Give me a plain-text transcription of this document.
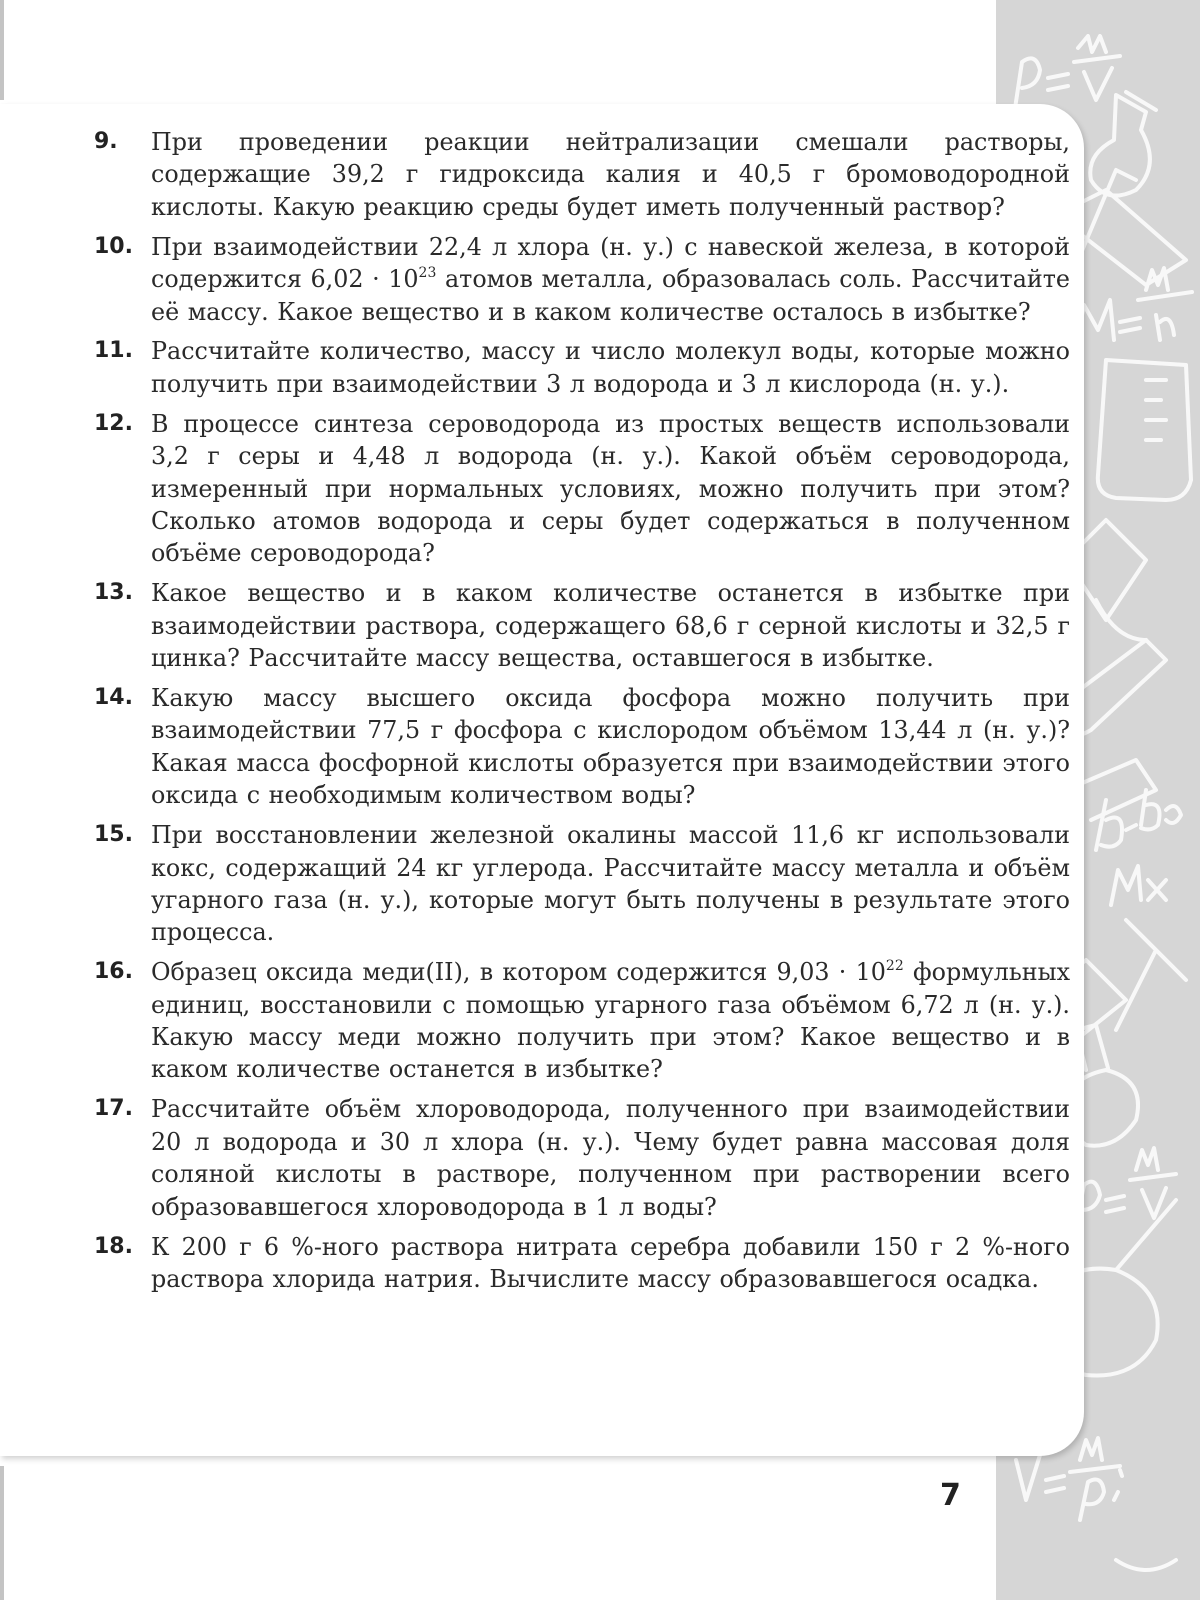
9. При проведении реакции нейтрализации смешали растворы, содержащие 39,2 г гидроксида калия и 40,5 г бромоводородной кислоты. Какую реакцию среды будет иметь полученный раствор?
10. При взаимодействии 22,4 л хлора (н. у.) с навеской железа, в которой содержится $6,02 \cdot 10^{23}$ атомов металла, образовалась соль. Рассчитайте её массу. Какое вещество и в каком количестве осталось в избытке?
11. Рассчитайте количество, массу и число молекул воды, которые можно получить при взаимодействии 3 л водорода и 3 л кислорода (н. у.).
12. В процессе синтеза сероводорода из простых веществ использовали 3,2 г серы и 4,48 л водорода (н. у.). Какой объём сероводорода, измеренный при нормальных условиях, можно получить при этом? Сколько атомов водорода и серы будет содержаться в полученном объёме сероводорода?
13. Какое вещество и в каком количестве останется в избытке при взаимодействии раствора, содержащего 68,6 г серной кислоты и 32,5 г цинка? Рассчитайте массу вещества, оставшегося в избытке.
14. Какую массу высшего оксида фосфора можно получить при взаимодействии 77,5 г фосфора с кислородом объёмом 13,44 л (н. у.)? Какая масса фосфорной кислоты образуется при взаимодействии этого оксида с необходимым количеством воды?
15. При восстановлении железной окалины массой 11,6 кг использовали кокс, содержащий 24 кг углерода. Рассчитайте массу металла и объём угарного газа (н. у.), которые могут быть получены в результате этого процесса.
16. Образец оксида меди(II), в котором содержится $9,03 \cdot 10^{22}$ формульных единиц, восстановили с помощью угарного газа объёмом 6,72 л (н. у.). Какую массу меди можно получить при этом? Какое вещество и в каком количестве останется в избытке?
17. Рассчитайте объём хлороводорода, полученного при взаимодействии 20 л водорода и 30 л хлора (н. у.). Чему будет равна массовая доля соляной кислоты в растворе, полученном при растворении всего образовавшегося хлороводорода в 1 л воды?
18. К 200 г 6 %-ного раствора нитрата серебра добавили 150 г 2 %-ного раствора хлорида натрия. Вычислите массу образовавшегося осадка.
7
